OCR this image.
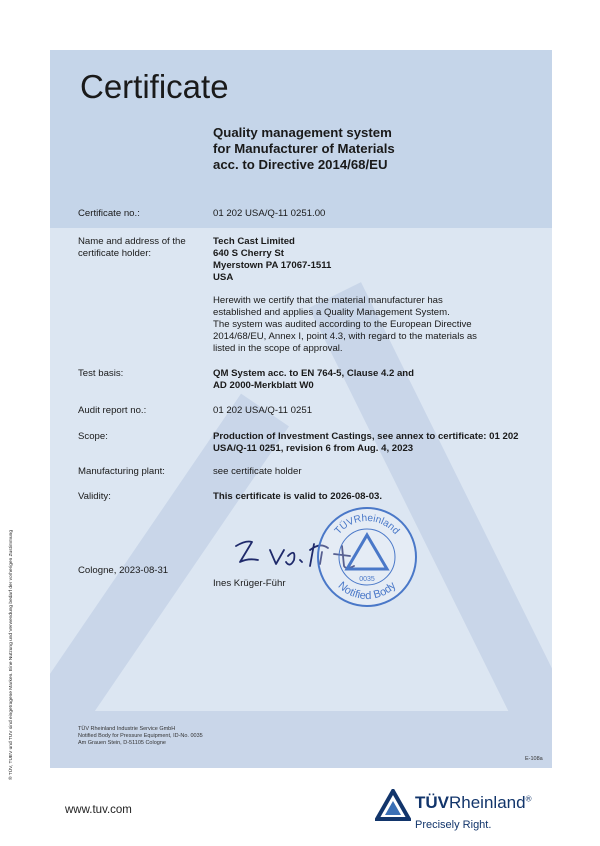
Certificate
Quality management system
for Manufacturer of Materials
acc. to Directive 2014/68/EU
Certificate no.:	01 202 USA/Q-11 0251.00
Name and address of the
certificate holder:
Tech Cast Limited
640 S Cherry St
Myerstown PA 17067-1511
USA
Herewith we certify that the material manufacturer has
established and applies a Quality Management System.
The system was audited according to the European Directive
2014/68/EU, Annex I, point 4.3, with regard to the materials as
listed in the scope of approval.
Test basis:	QM System acc. to EN 764-5, Clause 4.2 and
AD 2000-Merkblatt W0
Audit report no.:	01 202 USA/Q-11 0251
Scope:	Production of Investment Castings, see annex to certificate: 01 202
USA/Q-11 0251, revision 6 from Aug. 4, 2023
Manufacturing plant:	see certificate holder
Validity:	This certificate is valid to 2026-08-03.
Cologne, 2023-08-31
Ines Krüger-Führ
TÜVRheinland
Notified Body
0035
TÜV Rheinland Industrie Service GmbH
Notified Body for Pressure Equipment, ID-No. 0035
Am Grauen Stein, D-51105 Cologne
E-108a
® TÜV, TUEV und TUV sind eingetragene Marken. Eine Nutzung und Verwendung bedarf der vorherigen Zustimmung
www.tuv.com	TÜVRheinland®
Precisely Right.
